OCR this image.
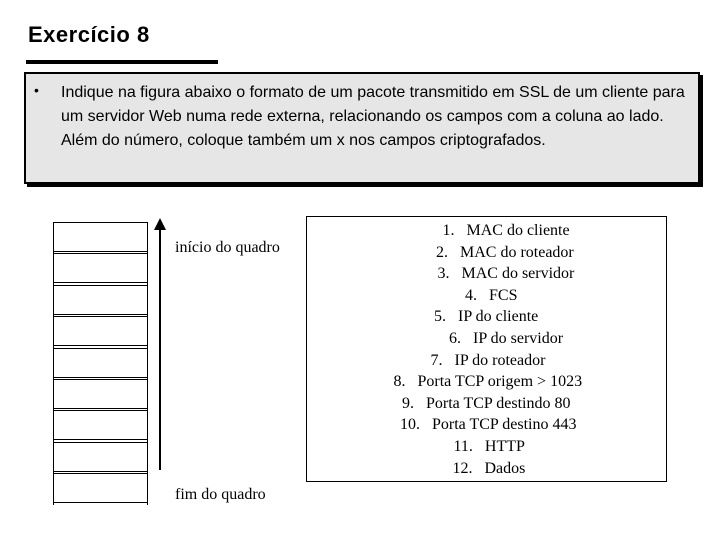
Exercício 8
• Indique na figura abaixo o formato de um pacote transmitido em SSL de um cliente para um servidor Web numa rede externa, relacionando os campos com a coluna ao lado. Além do número, coloque também um x nos campos criptografados.
início do quadro
fim do quadro
1. MAC do cliente
2. MAC do roteador
3. MAC do servidor
4. FCS
5. IP do cliente
6. IP do servidor
7. IP do roteador
8. Porta TCP origem > 1023
9. Porta TCP destindo 80
10. Porta TCP destino 443
11. HTTP
12. Dados
